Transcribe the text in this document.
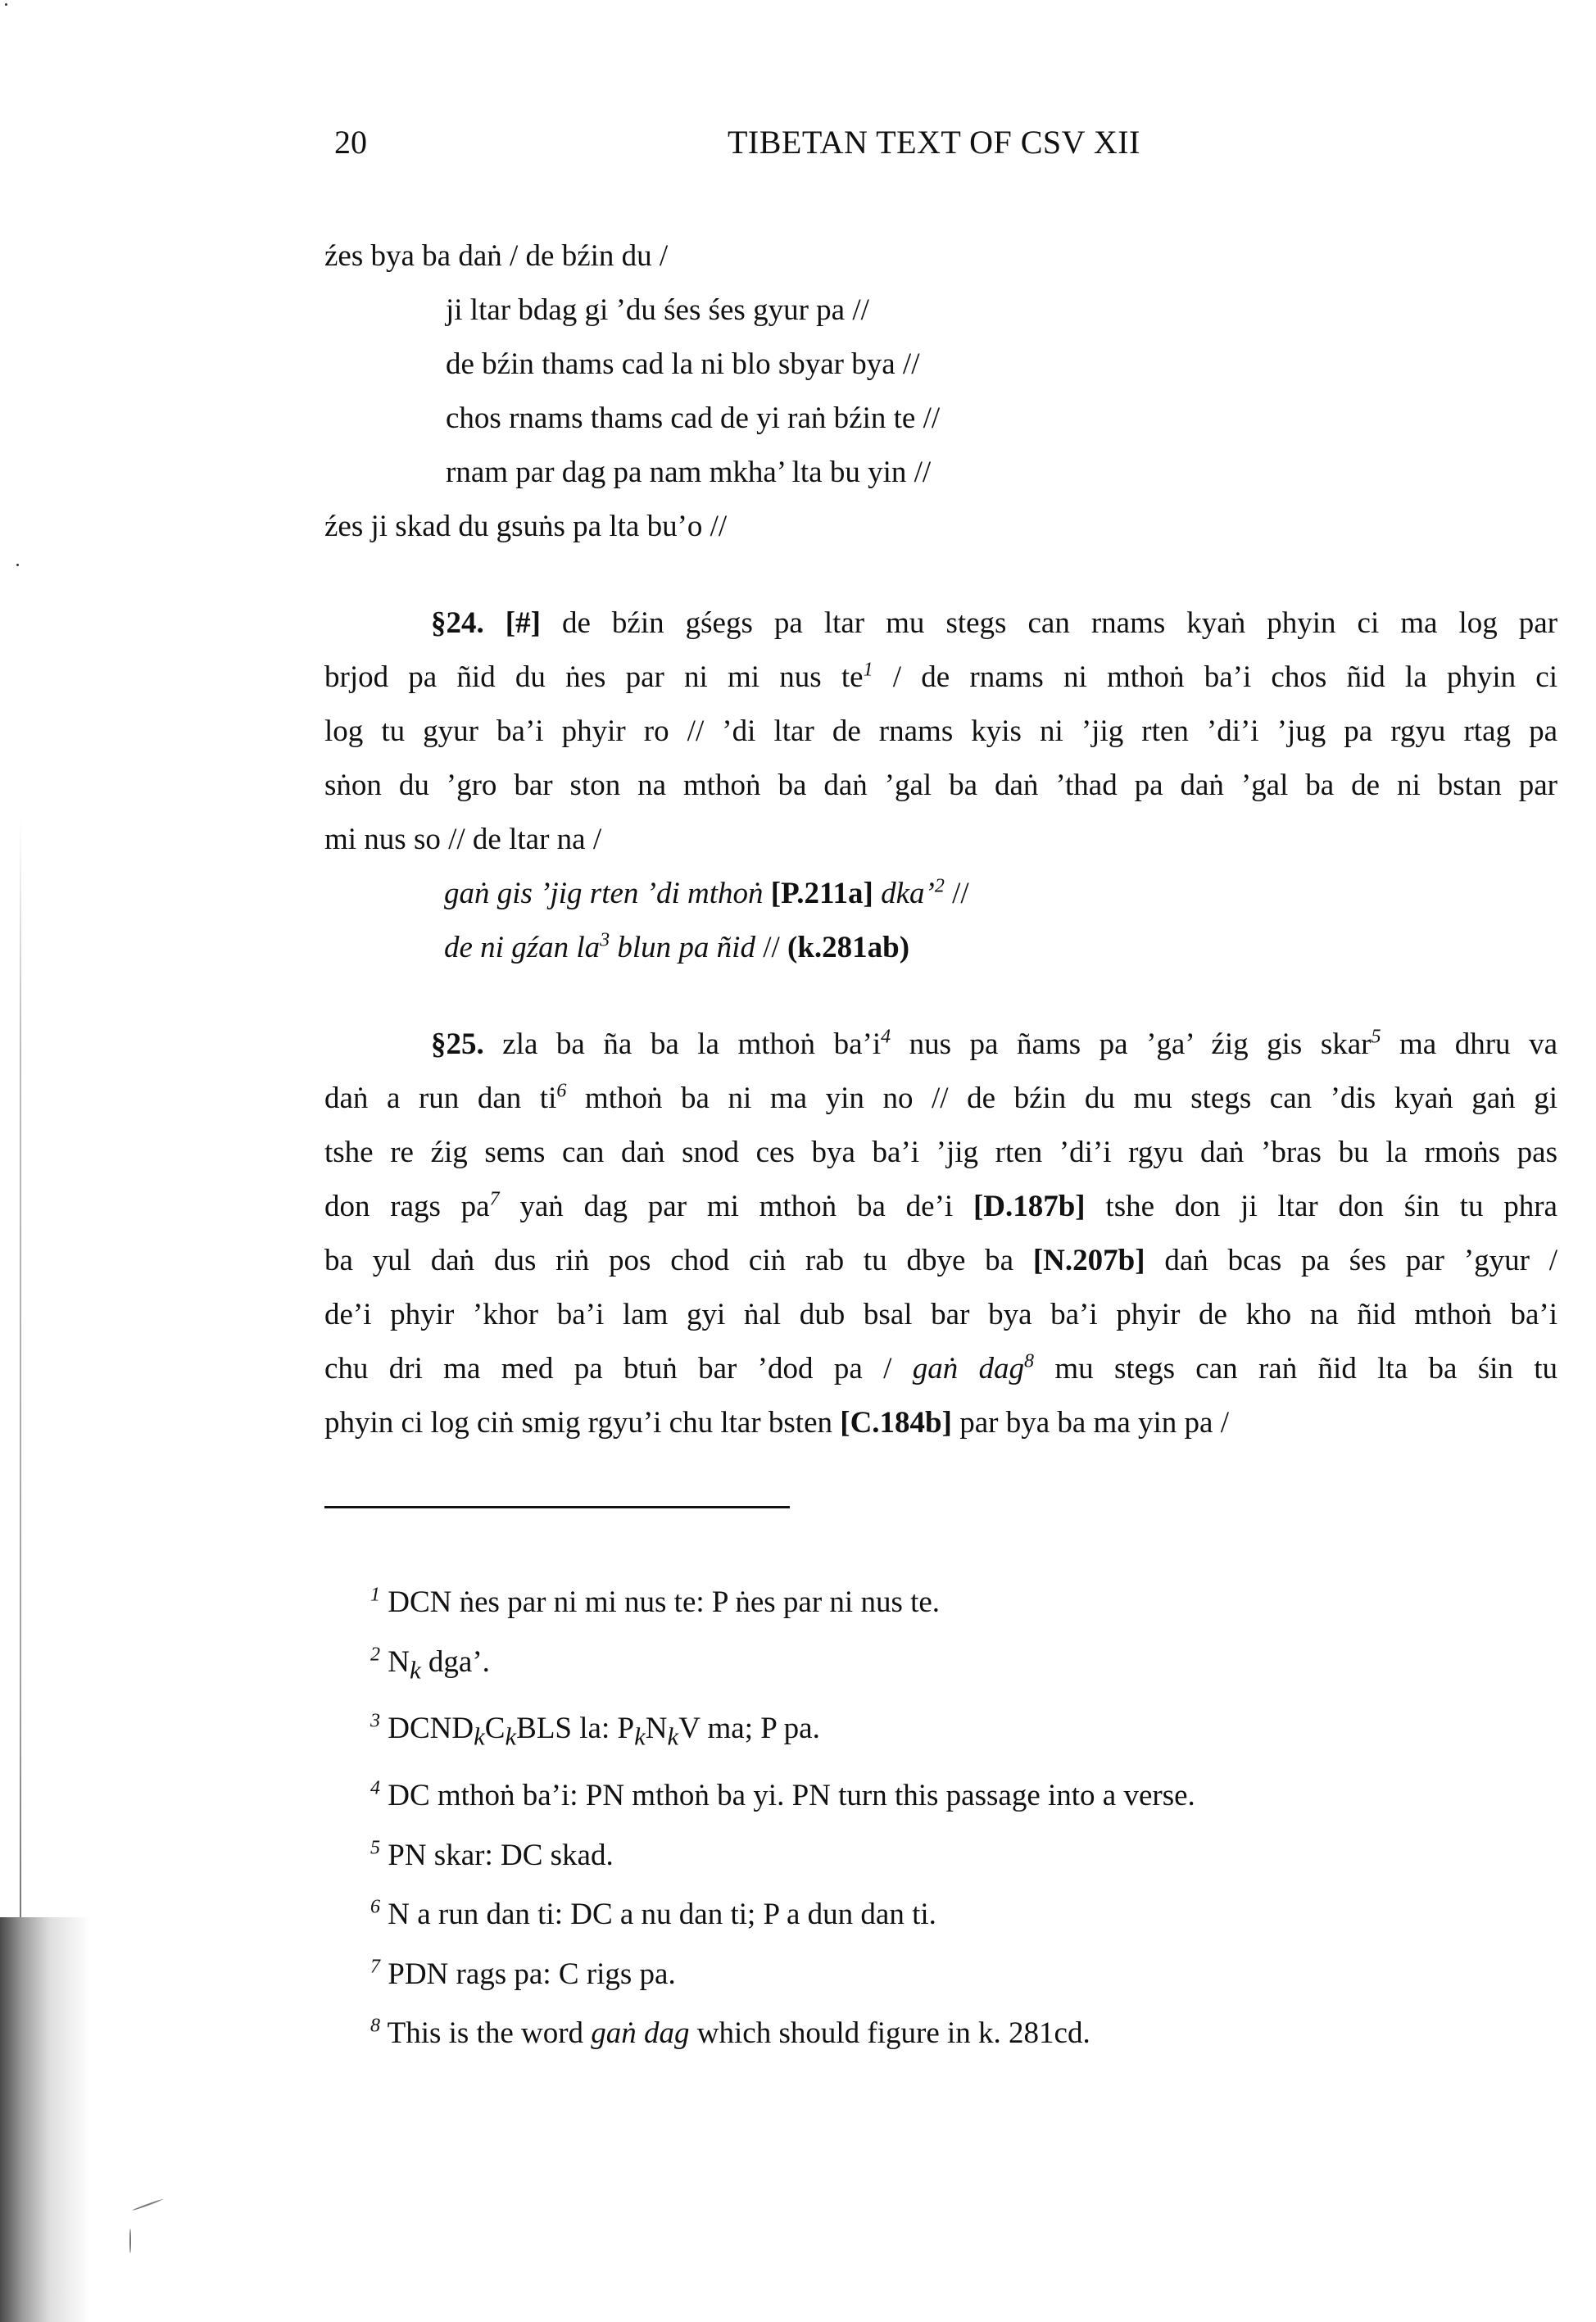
20	TIBETAN TEXT OF CSV XII
źes bya ba daṅ / de bźin du /
ji ltar bdag gi ’du śes śes gyur pa //
de bźin thams cad la ni blo sbyar bya //
chos rnams thams cad de yi raṅ bźin te //
rnam par dag pa nam mkha’ lta bu yin //
źes ji skad du gsuṅs pa lta bu’o //
§24. [#] de bźin gśegs pa ltar mu stegs can rnams kyaṅ phyin ci ma log par
brjod pa ñid du ṅes par ni mi nus $te^1$ / de rnams ni mthoṅ ba’i chos ñid la phyin ci
log tu gyur ba’i phyir ro // ’di ltar de rnams kyis ni ’jig rten ’di’i ’jug pa rgyu rtag pa
sṅon du ’gro bar ston na mthoṅ ba daṅ ’gal ba daṅ ’thad pa daṅ ’gal ba de ni bstan par
mi nus so // de ltar na /
gaṅ gis ’jig rten ’di mthoṅ [P.211a] dka’$^2$ //
de ni gźan $la^3$ blun pa ñid // (k.281ab)
§25. zla ba ña ba la mthoṅ $ba’i^4$ nus pa ñams pa ’ga’ źig gis skar$^5$ ma dhru va
daṅ a run dan $ti^6$ mthoṅ ba ni ma yin no // de bźin du mu stegs can ’dis kyaṅ gaṅ gi
tshe re źig sems can daṅ snod ces bya ba’i ’jig rten ’di’i rgyu daṅ ’bras bu la rmoṅs pas
don rags $pa^7$ yaṅ dag par mi mthoṅ ba de’i [D.187b] tshe don ji ltar don śin tu phra
ba yul daṅ dus riṅ pos chod ciṅ rab tu dbye ba [N.207b] daṅ bcas pa śes par ’gyur /
de’i phyir ’khor ba’i lam gyi ṅal dub bsal bar bya ba’i phyir de kho na ñid mthoṅ ba’i
chu dri ma med pa btuṅ bar ’dod pa / gaṅ dag$^8$ mu stegs can raṅ ñid lta ba śin tu
phyin ci log ciṅ smig rgyu’i chu ltar bsten [C.184b] par bya ba ma yin pa /
$^1$ DCN ṅes par ni mi nus te: P ṅes par ni nus te.
$^2$ $N_k$ dga’.
$^3$ $DCND_kC_kBLS$ la: $P_kN_kV$ ma; P pa.
$^4$ DC mthoṅ ba’i: PN mthoṅ ba yi. PN turn this passage into a verse.
$^5$ PN skar: DC skad.
$^6$ N a run dan ti: DC a nu dan ti; P a dun dan ti.
$^7$ PDN rags pa: C rigs pa.
$^8$ This is the word gaṅ dag which should figure in k. 281cd.
